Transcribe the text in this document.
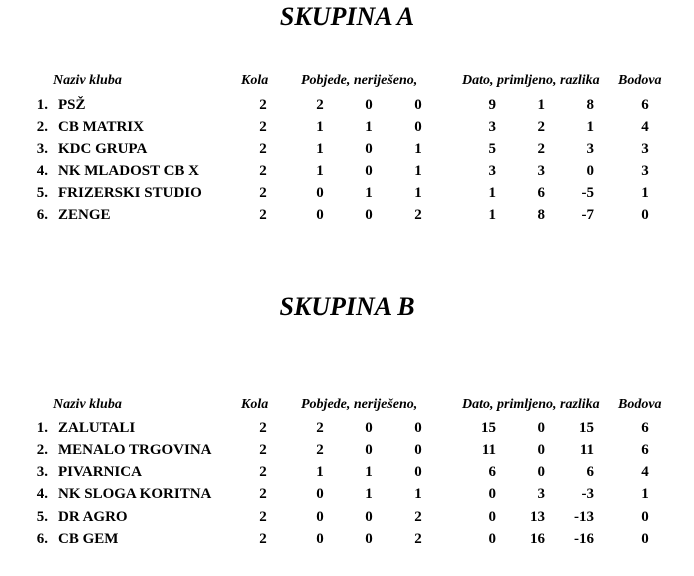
SKUPINA A
Naziv kluba	Kola Pobjede, neriješeno,	Dato, primljeno, razlika Bodova
1. PSŽ	2	2	0	0	9	1	8	6
2. CB MATRIX	2	1	1	0	3	2	1	4
3. KDC GRUPA	2	1	0	1	5	2	3	3
4. NK MLADOST CB X	2	1	0	1	3	3	0	3
5. FRIZERSKI STUDIO	2	0	1	1	1	6	-5	1
6. ZENGE	2	0	0	2	1	8	-7	0
SKUPINA B
Naziv kluba	Kola Pobjede, neriješeno,	Dato, primljeno, razlika Bodova
1. ZALUTALI	2	2	0	0	15	0	15	6
2. MENALO TRGOVINA	2	2	0	0	11	0	11	6
3. PIVARNICA	2	1	1	0	6	0	6	4
4. NK SLOGA KORITNA	2	0	1	1	0	3	-3	1
5. DR AGRO	2	0	0	2	0	13	-13	0
6. CB GEM	2	0	0	2	0	16	-16	0
